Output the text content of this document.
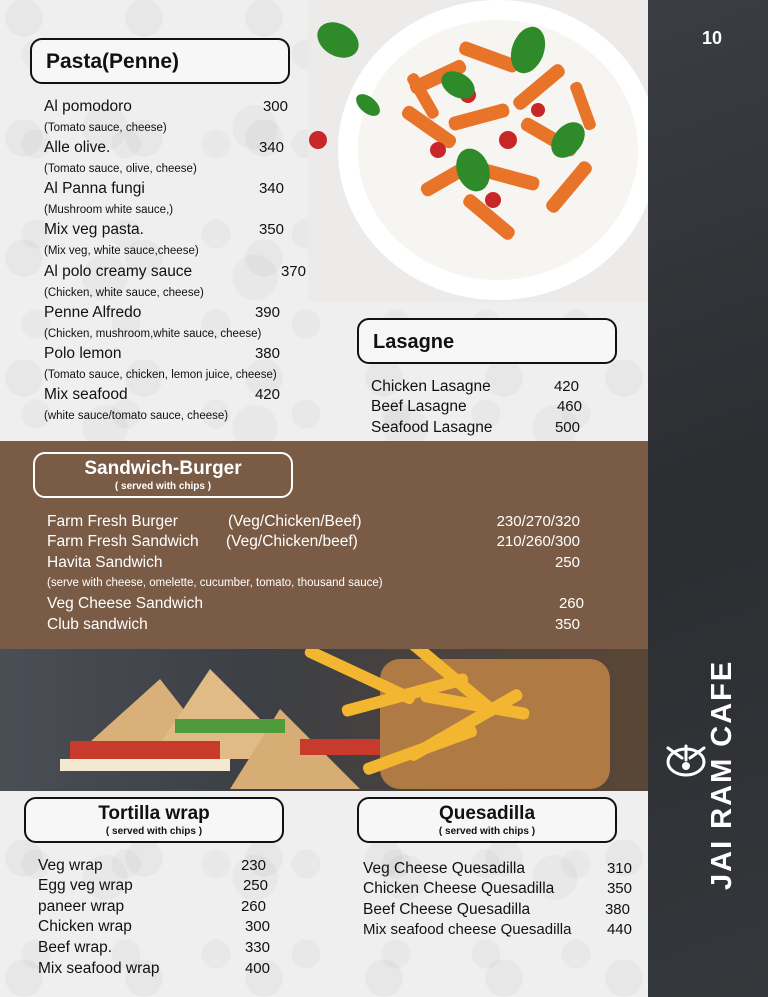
10
JAI RAM CAFE
Pasta(Penne)
Al pomodoro	300
(Tomato sauce, cheese)
Alle olive.	340
(Tomato sauce, olive, cheese)
Al Panna fungi	340
(Mushroom white sauce,)
Mix veg pasta.	350
(Mix veg, white sauce,cheese)
Al polo creamy sauce	370
(Chicken, white sauce, cheese)
Penne Alfredo	390
(Chicken, mushroom,white sauce, cheese)
Polo lemon	380
(Tomato sauce, chicken, lemon juice, cheese)
Mix seafood	420
(white sauce/tomato sauce, cheese)
Lasagne
Chicken Lasagne	420
Beef Lasagne	460
Seafood Lasagne	500
Sandwich-Burger
( served with chips )
Farm Fresh Burger	(Veg/Chicken/Beef)	230/270/320
Farm Fresh Sandwich (Veg/Chicken/beef)	210/260/300
Havita Sandwich	250
(serve with cheese, omelette, cucumber, tomato, thousand sauce)
Veg Cheese Sandwich	260
Club sandwich	350
Tortilla wrap
( served with chips )
Veg wrap	230
Egg veg wrap	250
paneer wrap	260
Chicken wrap	300
Beef wrap.	330
Mix seafood wrap	400
Quesadilla
( served with chips )
Veg Cheese Quesadilla	310
Chicken Cheese Quesadilla	350
Beef Cheese Quesadilla	380
Mix seafood cheese Quesadilla	440
